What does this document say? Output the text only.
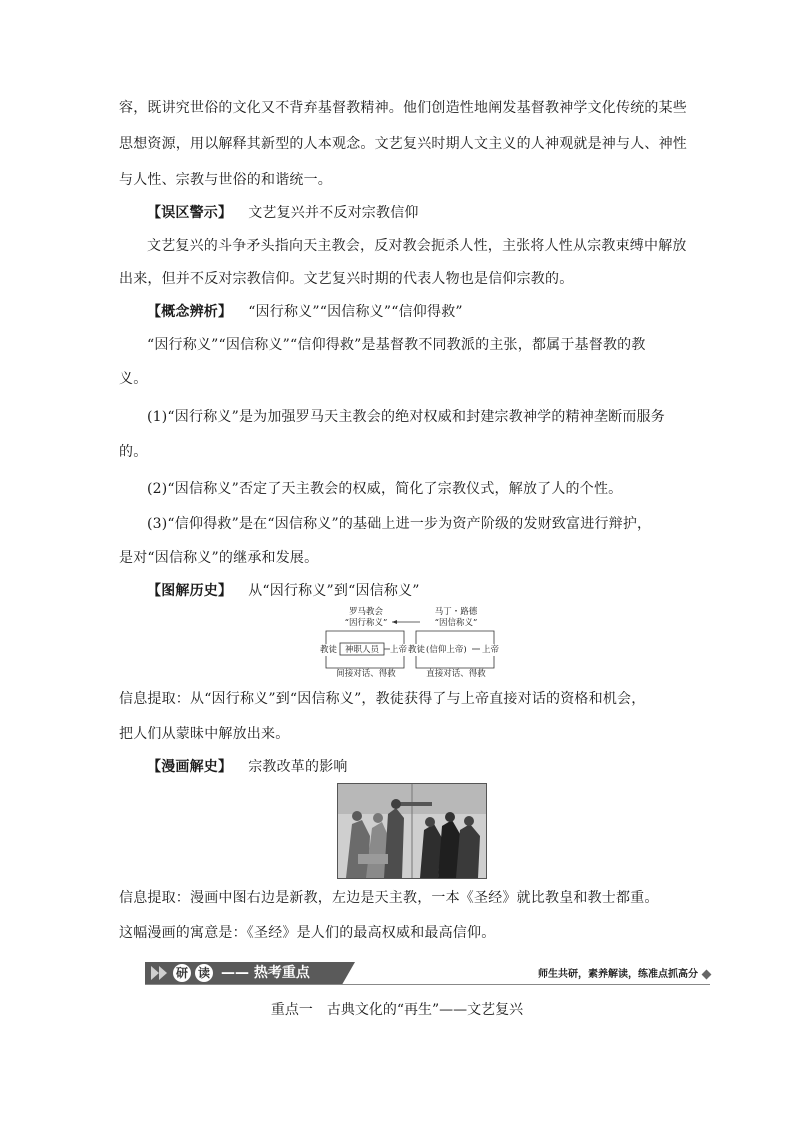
容，既讲究世俗的文化又不背弃基督教精神。他们创造性地阐发基督教神学文化传统的某些
思想资源，用以解释其新型的人本观念。文艺复兴时期人文主义的人神观就是神与人、神性
与人性、宗教与世俗的和谐统一。
【误区警示】 文艺复兴并不反对宗教信仰
文艺复兴的斗争矛头指向天主教会，反对教会扼杀人性，主张将人性从宗教束缚中解放
出来，但并不反对宗教信仰。文艺复兴时期的代表人物也是信仰宗教的。
【概念辨析】 “因行称义”“因信称义”“信仰得救”
“因行称义”“因信称义”“信仰得救”是基督教不同教派的主张，都属于基督教的教
义。
(1)“因行称义”是为加强罗马天主教会的绝对权威和封建宗教神学的精神垄断而服务
的。
(2)“因信称义”否定了天主教会的权威，简化了宗教仪式，解放了人的个性。
(3)“信仰得救”是在“因信称义”的基础上进一步为资产阶级的发财致富进行辩护，
是对“因信称义”的继承和发展。
【图解历史】 从“因行称义”到“因信称义”
罗马教会
“因行称义”
马丁・路德
“因信称义”
教徒 神职人员 上帝 教徒 (信仰上帝) 上帝
间接对话、得救	直接对话、得救
信息提取：从“因行称义”到“因信称义”，教徒获得了与上帝直接对话的资格和机会，
把人们从蒙昧中解放出来。
【漫画解史】 宗教改革的影响
信息提取：漫画中图右边是新教，左边是天主教，一本《圣经》就比教皇和教士都重。
这幅漫画的寓意是：《圣经》是人们的最高权威和最高信仰。
研 读 —— 热考重点	师生共研，素养解读，练准点抓高分
重点一　古典文化的“再生”——文艺复兴
